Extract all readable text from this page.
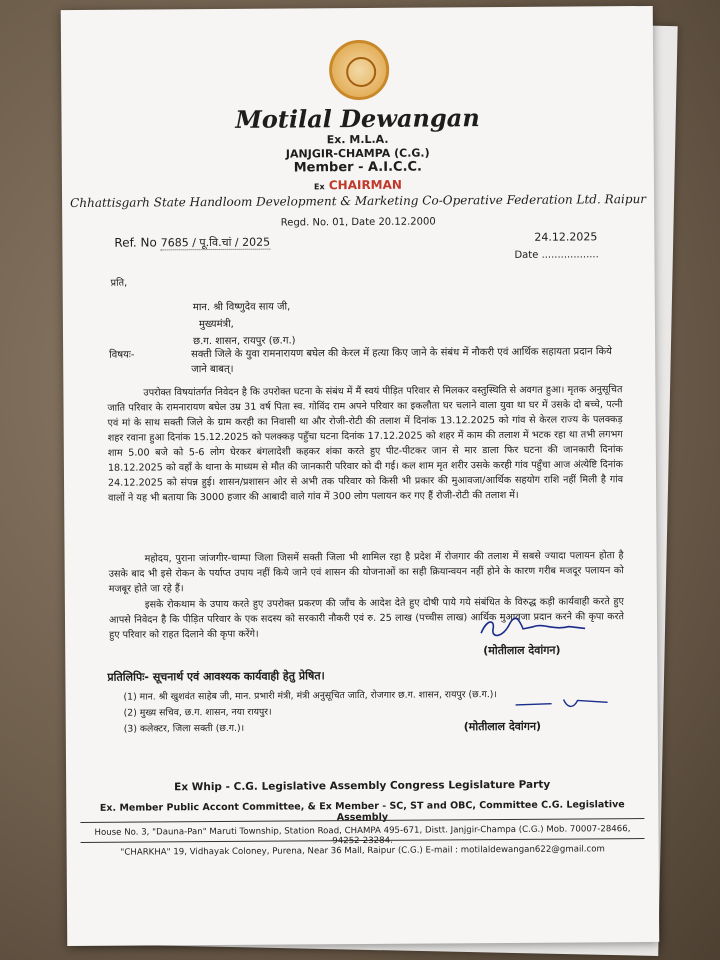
Motilal Dewangan
Ex. M.L.A.
JANJGIR-CHAMPA (C.G.)
Member - A.I.C.C.
Ex CHAIRMAN
Chhattisgarh State Handloom Development & Marketing Co-Operative Federation Ltd. Raipur
Regd. No. 01, Date 20.12.2000
Ref. No 7685 / पू.वि.चां / 2025	24.12.2025
Date ..................
प्रति,
मान. श्री विष्णुदेव साय जी,
मुख्यमंत्री,
छ.ग. शासन, रायपुर (छ.ग.)
विषयः-	सक्ती जिले के युवा रामनारायण बघेल की केरल में हत्या किए जाने के संबंध में नौकरी एवं आर्थिक सहायता प्रदान किये जाने बाबत्।
उपरोक्त विषयांतर्गत निवेदन है कि उपरोक्त घटना के संबंध में मैं स्वयं पीड़ित परिवार से मिलकर वस्तुस्थिति से अवगत हुआ। मृतक अनुसूचित जाति परिवार के रामनारायण बघेल उम्र 31 वर्ष पिता स्व. गोविंद राम अपने परिवार का इकलौता घर चलाने वाला युवा था घर में उसके दो बच्चे, पत्नी एवं मां के साथ सक्ती जिले के ग्राम करही का निवासी था और रोजी-रोटी की तलाश में दिनांक 13.12.2025 को गांव से केरल राज्य के पलक्कड़ शहर रवाना हुआ दिनांक 15.12.2025 को पलक्कड़ पहुँचा घटना दिनांक 17.12.2025 को शहर में काम की तलाश में भटक रहा था तभी लगभग शाम 5.00 बजे को 5-6 लोग घेरकर बंगलादेशी कहकर शंका करते हुए पीट-पीटकर जान से मार डाला फिर घटना की जानकारी दिनांक 18.12.2025 को वहाँ के थाना के माध्यम से मौत की जानकारी परिवार को दी गई। कल शाम मृत शरीर उसके करही गांव पहुँचा आज अंत्येष्टि दिनांक 24.12.2025 को संपन्न हुई। शासन/प्रशासन ओर से अभी तक परिवार को किसी भी प्रकार की मुआवजा/आर्थिक सहयोग राशि नहीं मिली है गांव वालों ने यह भी बताया कि 3000 हजार की आबादी वाले गांव में 300 लोग पलायन कर गए हैं रोजी-रोटी की तलाश में।
महोदय, पुराना जांजगीर-चाम्पा जिला जिसमें सक्ती जिला भी शामिल रहा है प्रदेश में रोजगार की तलाश में सबसे ज्यादा पलायन होता है उसके बाद भी इसे रोकन के पर्याप्त उपाय नहीं किये जाने एवं शासन की योजनाओं का सही क्रियान्वयन नहीं होने के कारण गरीब मजदूर पलायन को मजबूर होते जा रहे हैं।
इसके रोकथाम के उपाय करते हुए उपरोक्त प्रकरण की जाँच के आदेश देते हुए दोषी पाये गये संबंधित के विरुद्ध कड़ी कार्यवाही करते हुए आपसे निवेदन है कि पीड़ित परिवार के एक सदस्य को सरकारी नौकरी एवं रु. 25 लाख (पच्चीस लाख) आर्थिक मुआवजा प्रदान करने की कृपा करते हुए परिवार को राहत दिलाने की कृपा करेंगे।
(मोतीलाल देवांगन)
प्रतिलिपिः- सूचनार्थ एवं आवश्यक कार्यवाही हेतु प्रेषित।
(1) मान. श्री खुशवंत साहेब जी, मान. प्रभारी मंत्री, मंत्री अनुसूचित जाति, रोजगार छ.ग. शासन, रायपुर (छ.ग.)।
(2) मुख्य सचिव, छ.ग. शासन, नया रायपुर।
(3) कलेक्टर, जिला सक्ती (छ.ग.)।	(मोतीलाल देवांगन)
Ex Whip - C.G. Legislative Assembly Congress Legislature Party
Ex. Member Public Accont Committee, & Ex Member - SC, ST and OBC, Committee C.G. Legislative Assembly
House No. 3, "Dauna-Pan" Maruti Township, Station Road, CHAMPA 495-671, Distt. Janjgir-Champa (C.G.) Mob. 70007-28466, 94252-23284.
"CHARKHA" 19, Vidhayak Coloney, Purena, Near 36 Mall, Raipur (C.G.) E-mail : motilaldewangan622@gmail.com
